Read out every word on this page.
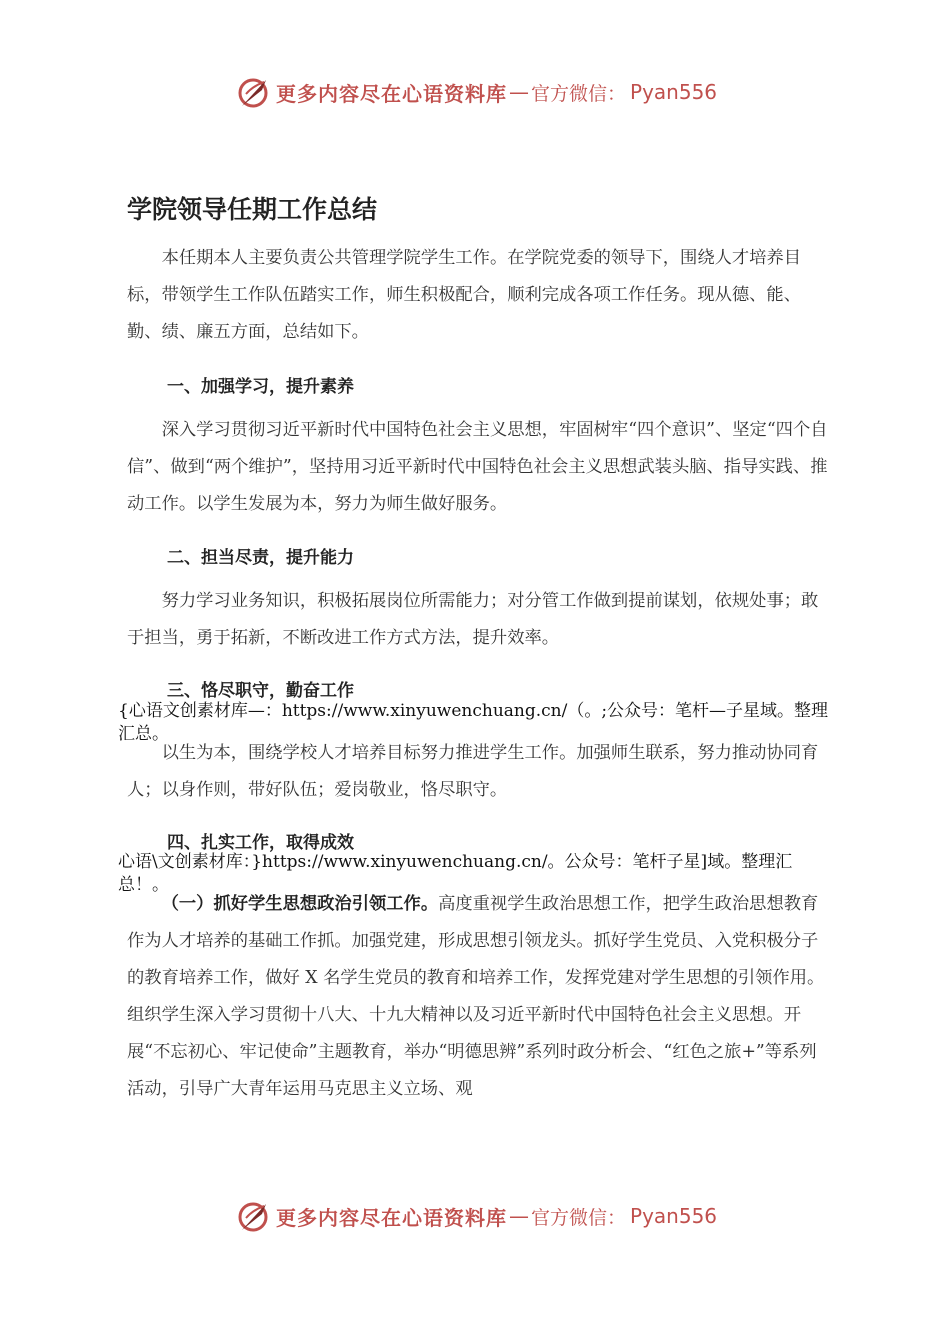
更多内容尽在心语资料库 — 官方微信： Pyan556
学院领导任期工作总结

本任期本人主要负责公共管理学院学生工作。在学院党委的领导下，围绕人才培养目标，带领学生工作队伍踏实工作，师生积极配合，顺利完成各项工作任务。现从德、能、勤、绩、廉五方面，总结如下。

一、加强学习，提升素养

深入学习贯彻习近平新时代中国特色社会主义思想，牢固树牢“四个意识”、坚定“四个自信”、做到“两个维护”，坚持用习近平新时代中国特色社会主义思想武装头脑、指导实践、推动工作。以学生发展为本，努力为师生做好服务。

二、担当尽责，提升能力

努力学习业务知识，积极拓展岗位所需能力；对分管工作做到提前谋划，依规处事；敢于担当，勇于拓新，不断改进工作方式方法，提升效率。

三、恪尽职守，勤奋工作

{心语文创素材库—：https://www.xinyuwenchuang.cn/（。;公众号：笔杆—子星域。整理汇总。

以生为本，围绕学校人才培养目标努力推进学生工作。加强师生联系，努力推动协同育人；以身作则，带好队伍；爱岗敬业，恪尽职守。

四、扎实工作，取得成效

心语\文创素材库：}https://www.xinyuwenchuang.cn/。公众号：笔杆子星]域。整理汇总！。

（一）抓好学生思想政治引领工作。高度重视学生政治思想工作，把学生政治思想教育作为人才培养的基础工作抓。加强党建，形成思想引领龙头。抓好学生党员、入党积极分子的教育培养工作，做好 X 名学生党员的教育和培养工作，发挥党建对学生思想的引领作用。组织学生深入学习贯彻十八大、十九大精神以及习近平新时代中国特色社会主义思想。开展“不忘初心、牢记使命”主题教育，举办“明德思辨”系列时政分析会、“红色之旅+”等系列活动，引导广大青年运用马克思主义立场、观

更多内容尽在心语资料库 — 官方微信： Pyan556
